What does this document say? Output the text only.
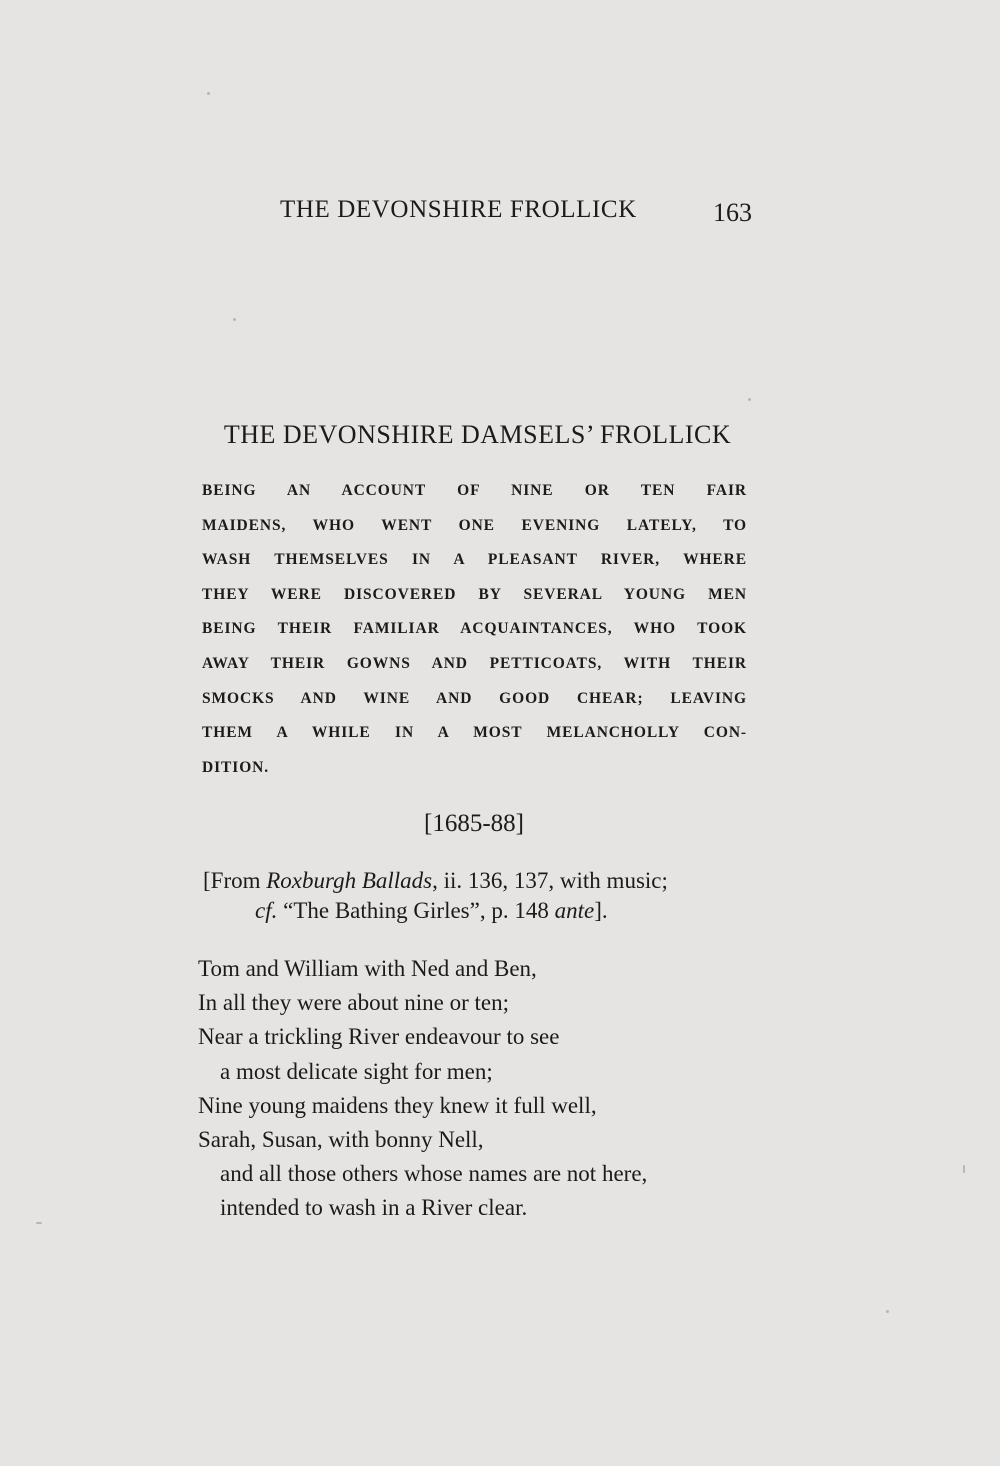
THE DEVONSHIRE FROLLICK	163
THE DEVONSHIRE DAMSELS’ FROLLICK
BEING AN ACCOUNT OF NINE OR TEN FAIR
MAIDENS, WHO WENT ONE EVENING LATELY, TO
WASH THEMSELVES IN A PLEASANT RIVER, WHERE
THEY WERE DISCOVERED BY SEVERAL YOUNG MEN
BEING THEIR FAMILIAR ACQUAINTANCES, WHO TOOK
AWAY THEIR GOWNS AND PETTICOATS, WITH THEIR
SMOCKS AND WINE AND GOOD CHEAR; LEAVING
THEM A WHILE IN A MOST MELANCHOLLY CON-
DITION.
[1685-88]
[From Roxburgh Ballads, ii. 136, 137, with music;
cf. “The Bathing Girles”, p. 148 ante].
Tom and William with Ned and Ben,
In all they were about nine or ten;
Near a trickling River endeavour to see
a most delicate sight for men;
Nine young maidens they knew it full well,
Sarah, Susan, with bonny Nell,
and all those others whose names are not here,
intended to wash in a River clear.
